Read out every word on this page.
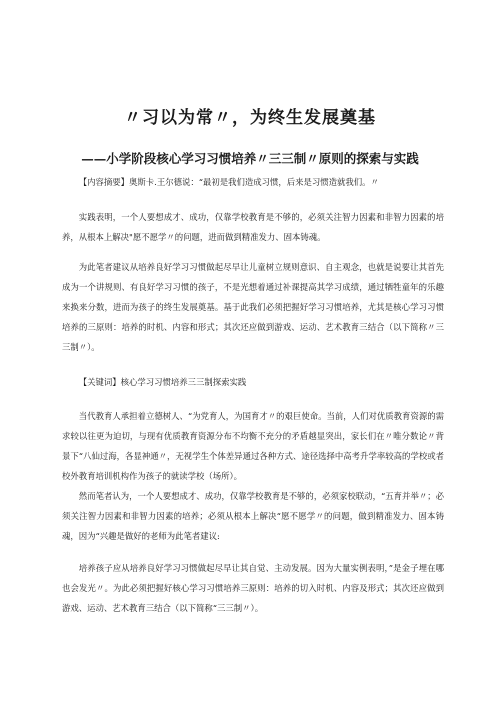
〃习以为常〃，为终生发展奠基
——小学阶段核心学习习惯培养〃三三制〃原则的探索与实践

【内容摘要】奥斯卡.王尔德说：“最初是我们造成习惯，后来是习惯造就我们。〃

实践表明，一个人要想成才、成功，仅靠学校教育是不够的，必须关注智力因素和非智力因素的培养，从根本上解决"愿不愿学〃的问题，进而做到精准发力、固本铸魂。

为此笔者建议从培养良好学习习惯做起尽早让儿童树立规则意识、自主观念，也就是说要让其首先成为一个讲规则、有良好学习习惯的孩子，不是光想着通过补课提高其学习成绩，通过牺牲童年的乐趣来换来分数，进而为孩子的终生发展奠基。基于此我们必须把握好学习习惯培养，尤其是核心学习习惯培养的三原则：培养的时机、内容和形式；其次还应做到游戏、运动、艺术教育三结合（以下简称〃三三制〃）。

【关键词】核心学习习惯培养三三制探索实践

当代教育人承担着立德树人、“为党育人，为国育才〃的艰巨使命。当前，人们对优质教育资源的需求较以往更为迫切，与现有优质教育资源分布不均衡不充分的矛盾越显突出，家长们在〃唯分数论〃背景下“八仙过海，各显神通〃，无视学生个体差异通过各种方式、途径选择中高考升学率较高的学校或者校外教育培训机构作为孩子的就读学校（场所）。

然而笔者认为，一个人要想成才、成功，仅靠学校教育是不够的，必须家校联动，“五育并举〃；必须关注智力因素和非智力因素的培养；必须从根本上解决“愿不愿学〃的问题，做到精准发力、固本铸魂，因为“兴趣是做好的老师为此笔者建议:

培养孩子应从培养良好学习习惯做起尽早让其自觉、主动发展。因为大量实例表明，”是金子埋在哪也会发光〃。为此必须把握好核心学习习惯培养三原则：培养的切入时机、内容及形式；其次还应做到游戏、运动、艺术教育三结合（以下简称“三三制〃）。
